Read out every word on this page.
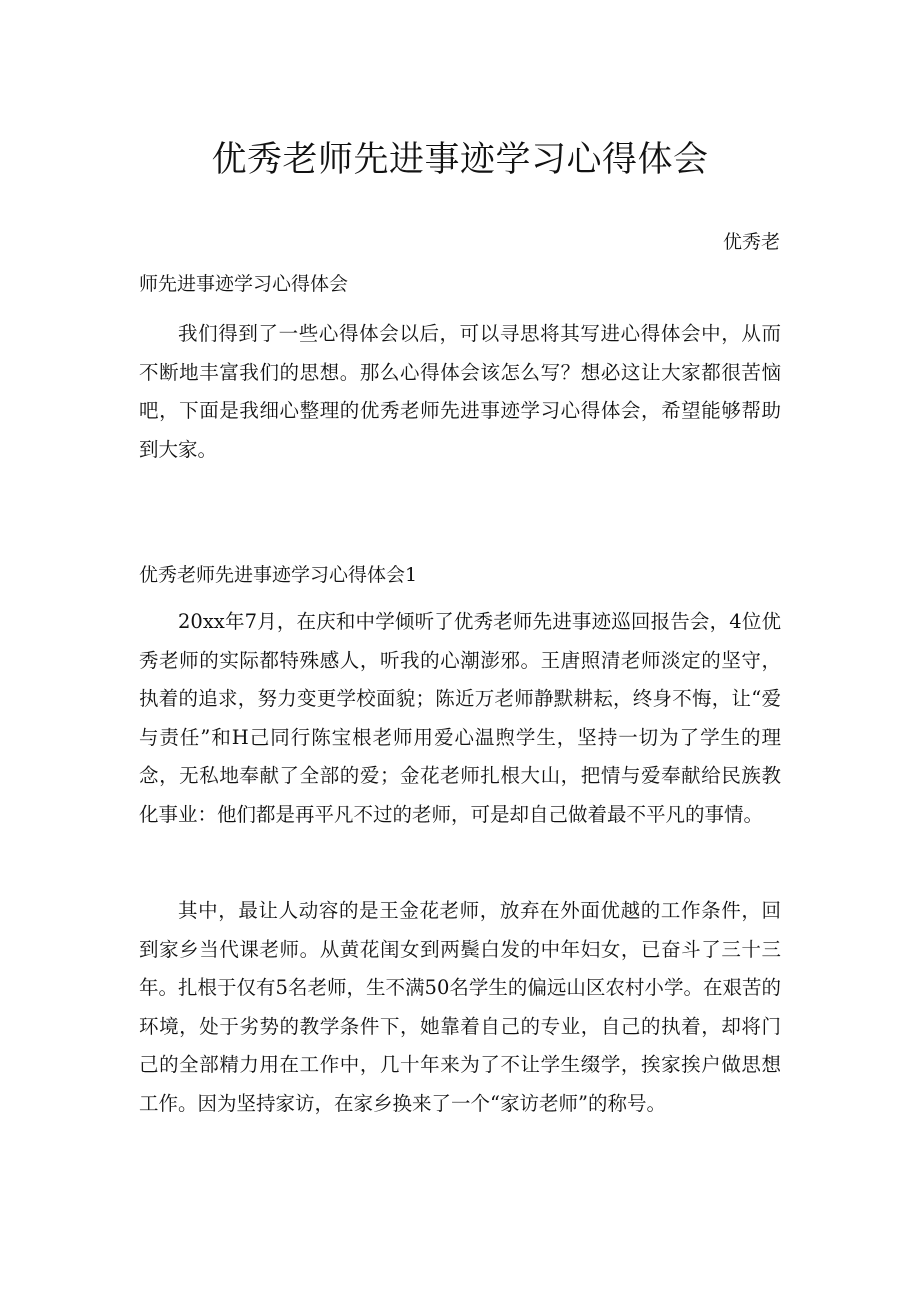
优秀老师先进事迹学习心得体会

优秀老

师先进事迹学习心得体会

我们得到了一些心得体会以后，可以寻思将其写进心得体会中，从而不断地丰富我们的思想。那么心得体会该怎么写？想必这让大家都很苦恼吧，下面是我细心整理的优秀老师先进事迹学习心得体会，希望能够帮助到大家。

优秀老师先进事迹学习心得体会1

20xx年7月，在庆和中学倾听了优秀老师先进事迹巡回报告会，4位优秀老师的实际都特殊感人，听我的心潮澎邪。王唐照清老师淡定的坚守，执着的追求，努力变更学校面貌；陈近万老师静默耕耘，终身不悔，让“爱与责任”和H己同行陈宝根老师用爱心温煦学生，坚持一切为了学生的理念，无私地奉献了全部的爱；金花老师扎根大山，把情与爱奉献给民族教化事业：他们都是再平凡不过的老师，可是却自己做着最不平凡的事情。

其中，最让人动容的是王金花老师，放弃在外面优越的工作条件，回到家乡当代课老师。从黄花闺女到两鬓白发的中年妇女，已奋斗了三十三年。扎根于仅有5名老师，生不满50名学生的偏远山区农村小学。在艰苦的环境，处于劣势的教学条件下，她靠着自己的专业，自己的执着，却将门己的全部精力用在工作中，几十年来为了不让学生缀学，挨家挨户做思想工作。因为坚持家访，在家乡换来了一个“家访老师”的称号。
